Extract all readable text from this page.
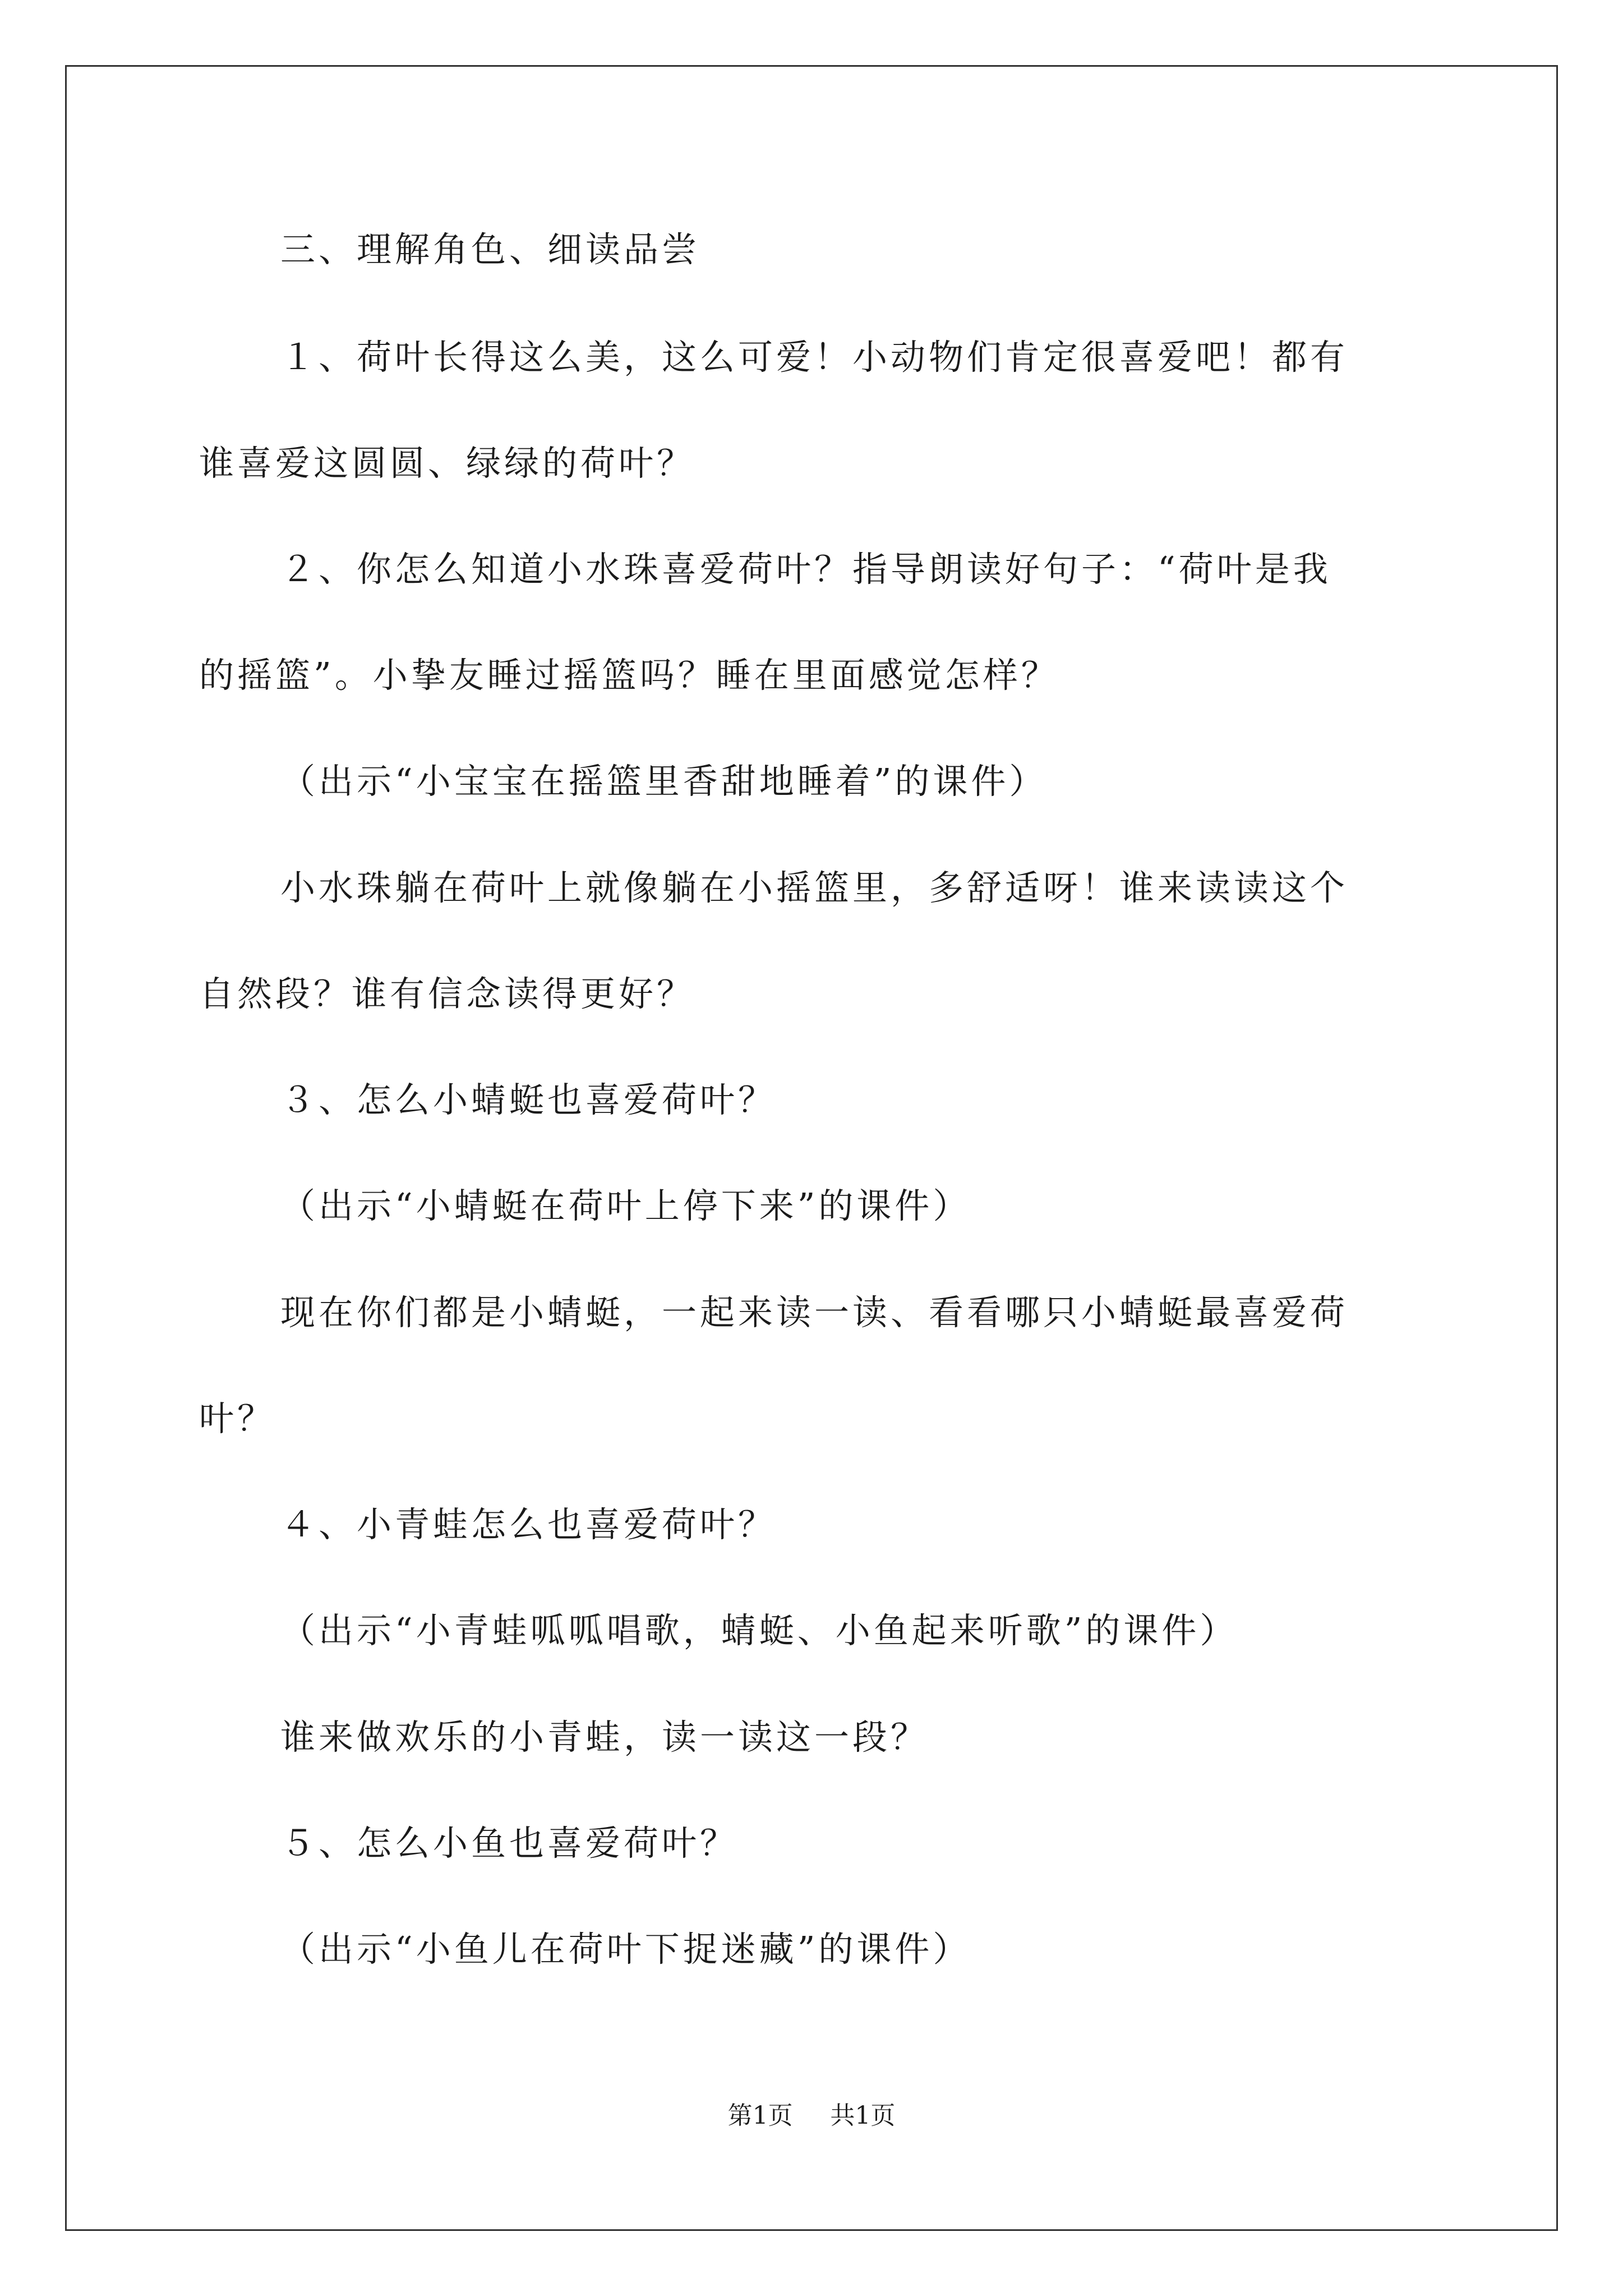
三、理解角色、细读品尝
１、荷叶长得这么美，这么可爱！小动物们肯定很喜爱吧！都有
谁喜爱这圆圆、绿绿的荷叶？
２、你怎么知道小水珠喜爱荷叶？指导朗读好句子：“荷叶是我
的摇篮”。小挚友睡过摇篮吗？睡在里面感觉怎样？
（出示“小宝宝在摇篮里香甜地睡着”的课件）
小水珠躺在荷叶上就像躺在小摇篮里，多舒适呀！谁来读读这个
自然段？谁有信念读得更好？
３、怎么小蜻蜓也喜爱荷叶？
（出示“小蜻蜓在荷叶上停下来”的课件）
现在你们都是小蜻蜓，一起来读一读、看看哪只小蜻蜓最喜爱荷
叶？
４、小青蛙怎么也喜爱荷叶？
（出示“小青蛙呱呱唱歌，蜻蜓、小鱼起来听歌”的课件）
谁来做欢乐的小青蛙，读一读这一段？
５、怎么小鱼也喜爱荷叶？
（出示“小鱼儿在荷叶下捉迷藏”的课件）
第1页 共1页
